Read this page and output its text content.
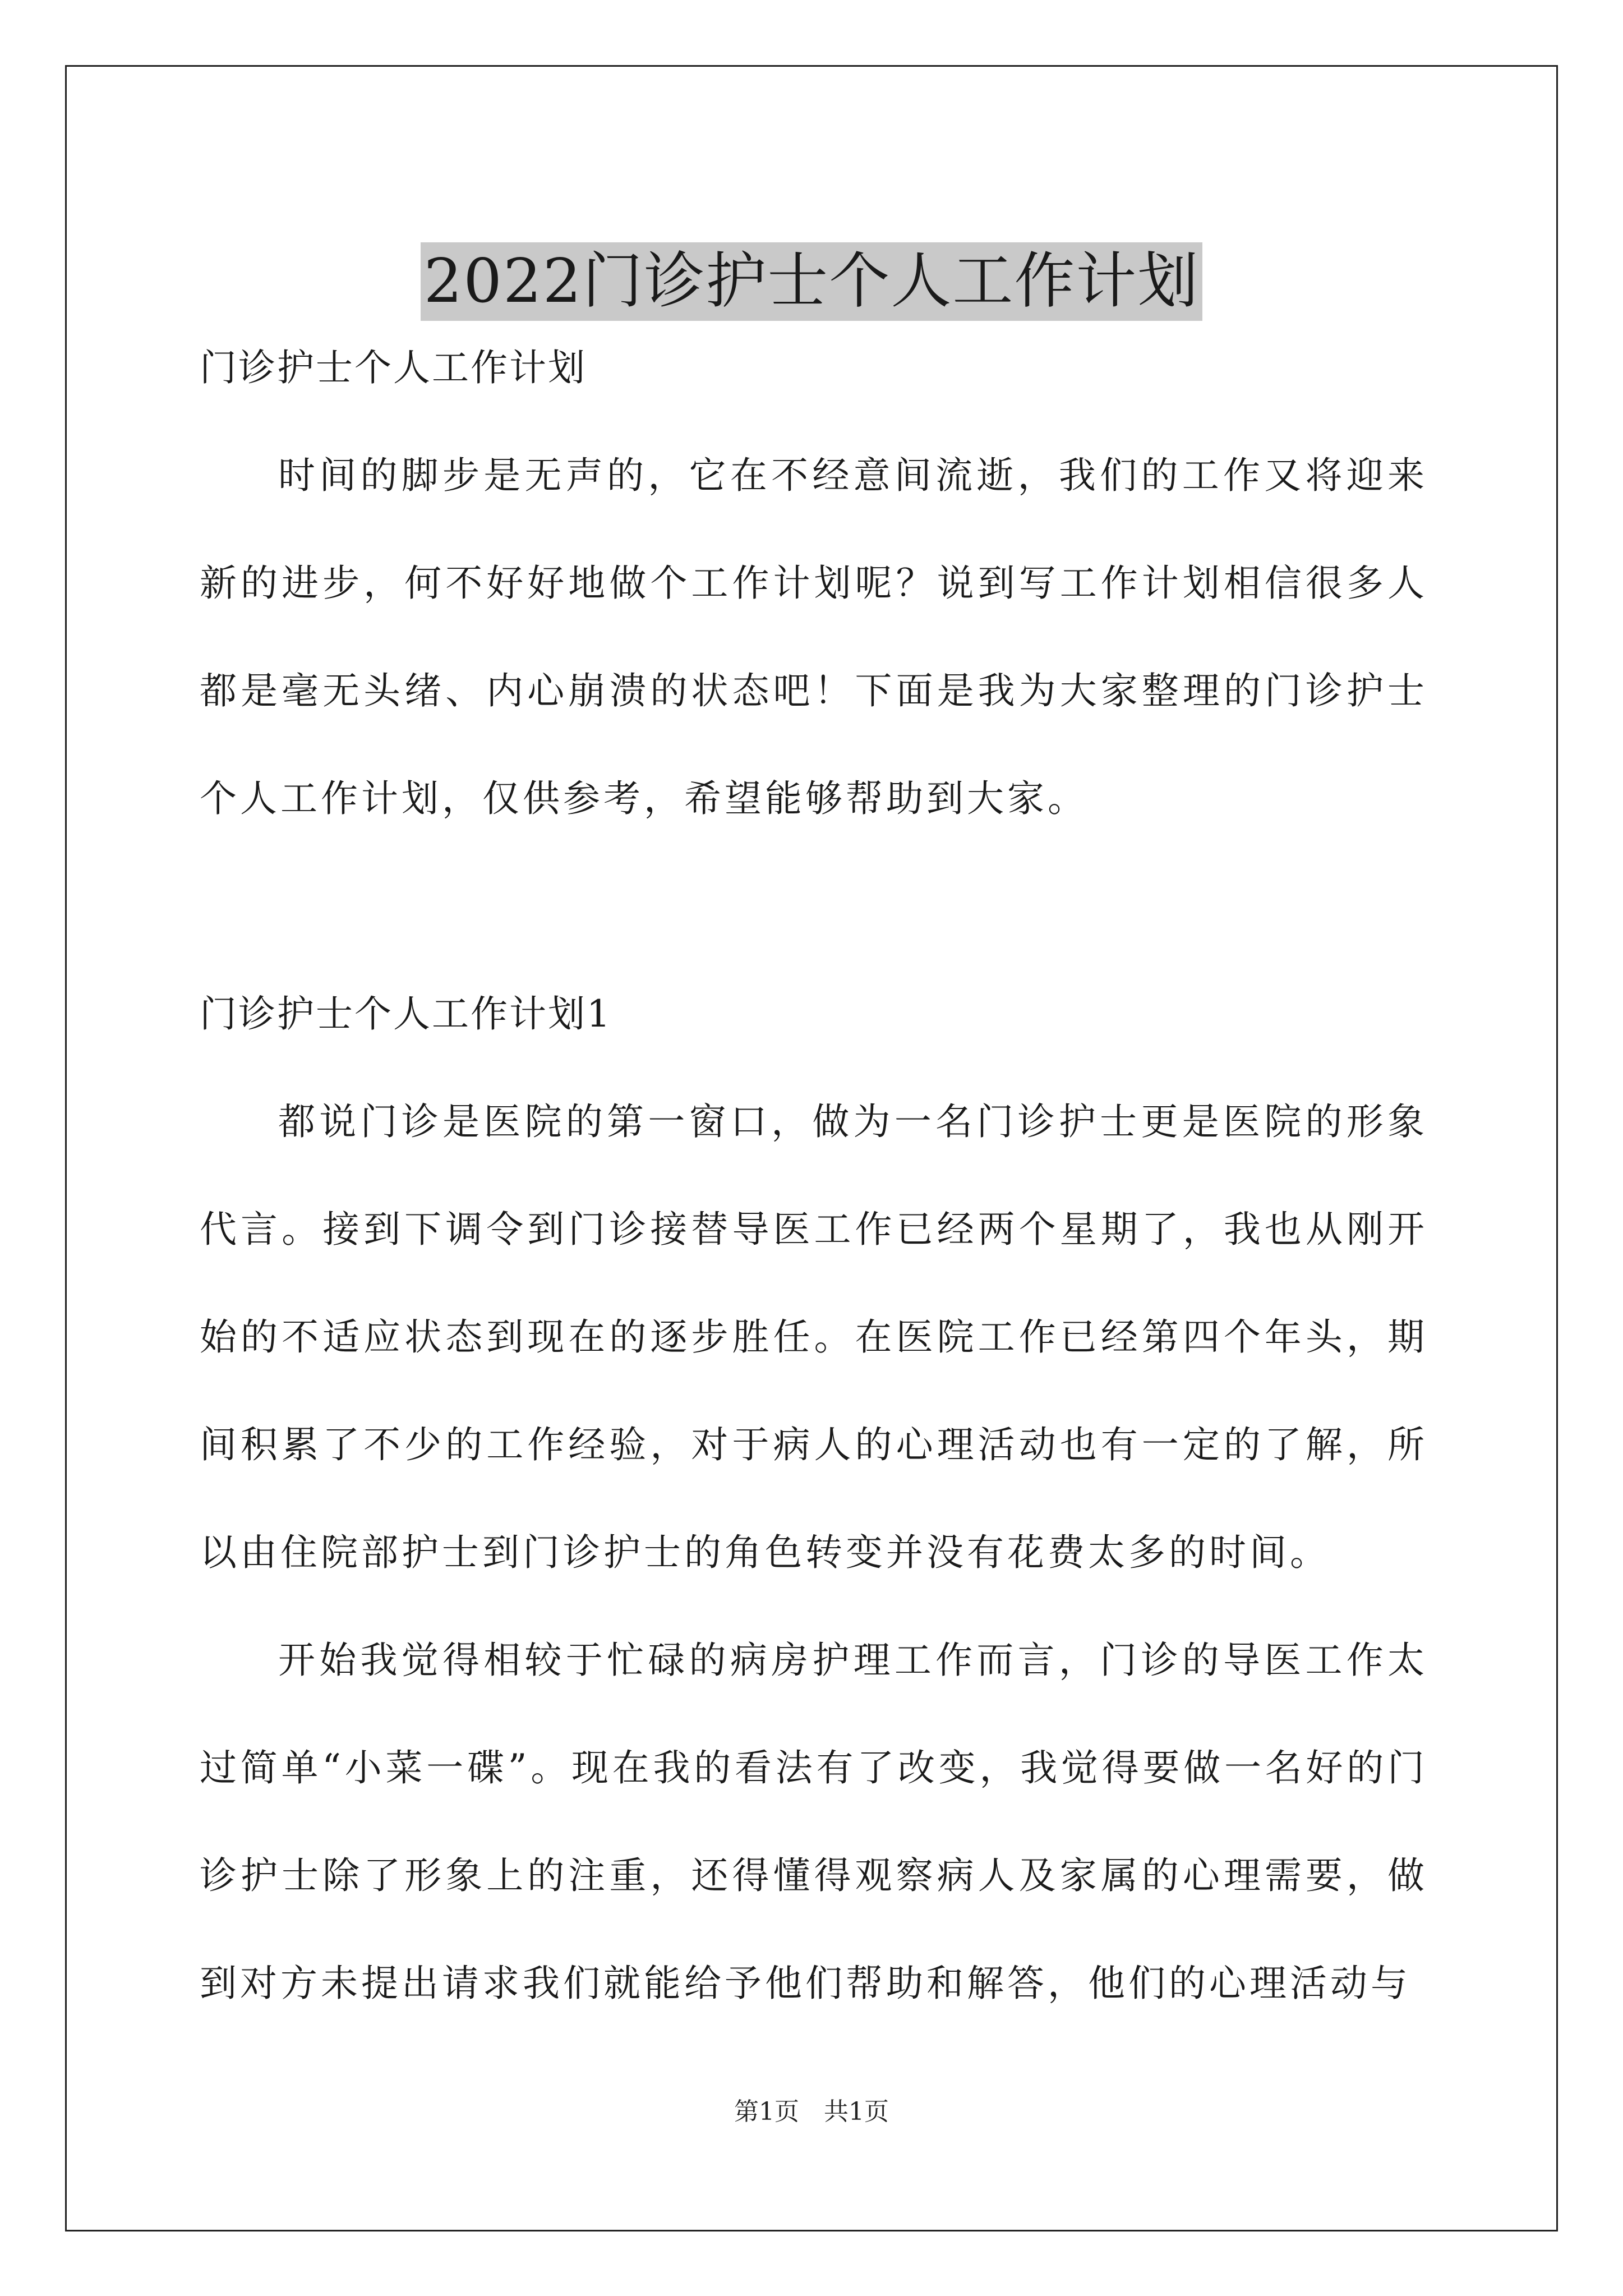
2022门诊护士个人工作计划

门诊护士个人工作计划

时间的脚步是无声的，它在不经意间流逝，我们的工作又将迎来新的进步，何不好好地做个工作计划呢？说到写工作计划相信很多人都是毫无头绪、内心崩溃的状态吧！下面是我为大家整理的门诊护士个人工作计划，仅供参考，希望能够帮助到大家。

门诊护士个人工作计划1

都说门诊是医院的第一窗口，做为一名门诊护士更是医院的形象代言。接到下调令到门诊接替导医工作已经两个星期了，我也从刚开始的不适应状态到现在的逐步胜任。在医院工作已经第四个年头，期间积累了不少的工作经验，对于病人的心理活动也有一定的了解，所以由住院部护士到门诊护士的角色转变并没有花费太多的时间。

开始我觉得相较于忙碌的病房护理工作而言，门诊的导医工作太过简单“小菜一碟”。现在我的看法有了改变，我觉得要做一名好的门诊护士除了形象上的注重，还得懂得观察病人及家属的心理需要，做到对方未提出请求我们就能给予他们帮助和解答，他们的心理活动与

第1页　共1页
